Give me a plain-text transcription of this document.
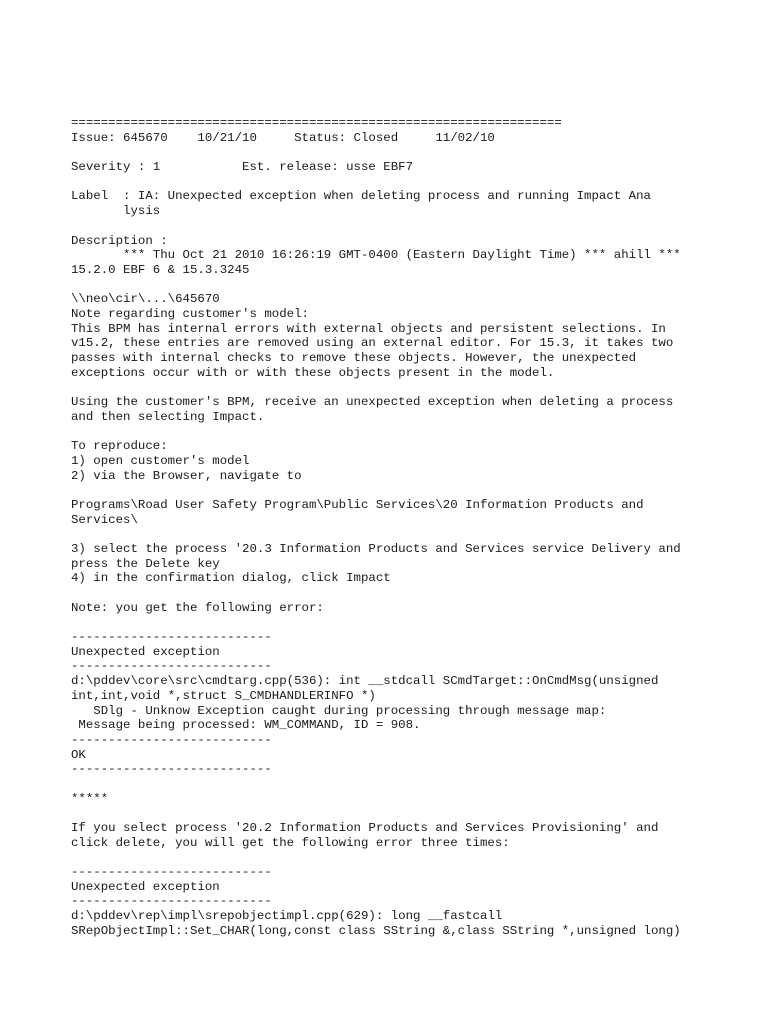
==================================================================
Issue: 645670    10/21/10     Status: Closed     11/02/10
Severity : 1           Est. release: usse EBF7
Label  : IA: Unexpected exception when deleting process and running Impact Ana
lysis
Description :
*** Thu Oct 21 2010 16:26:19 GMT-0400 (Eastern Daylight Time) *** ahill ***
15.2.0 EBF 6 & 15.3.3245
\\neo\cir\...\645670
Note regarding customer's model:
This BPM has internal errors with external objects and persistent selections. In
v15.2, these entries are removed using an external editor. For 15.3, it takes two
passes with internal checks to remove these objects. However, the unexpected
exceptions occur with or with these objects present in the model.
Using the customer's BPM, receive an unexpected exception when deleting a process
and then selecting Impact.
To reproduce:
1) open customer's model
2) via the Browser, navigate to
Programs\Road User Safety Program\Public Services\20 Information Products and
Services\
3) select the process '20.3 Information Products and Services service Delivery and
press the Delete key
4) in the confirmation dialog, click Impact
Note: you get the following error:
---------------------------
Unexpected exception
---------------------------
d:\pddev\core\src\cmdtarg.cpp(536): int __stdcall SCmdTarget::OnCmdMsg(unsigned
int,int,void *,struct S_CMDHANDLERINFO *)
SDlg - Unknow Exception caught during processing through message map:
Message being processed: WM_COMMAND, ID = 908.
---------------------------
OK
---------------------------
*****
If you select process '20.2 Information Products and Services Provisioning' and
click delete, you will get the following error three times:
---------------------------
Unexpected exception
---------------------------
d:\pddev\rep\impl\srepobjectimpl.cpp(629): long __fastcall
SRepObjectImpl::Set_CHAR(long,const class SString &,class SString *,unsigned long)
